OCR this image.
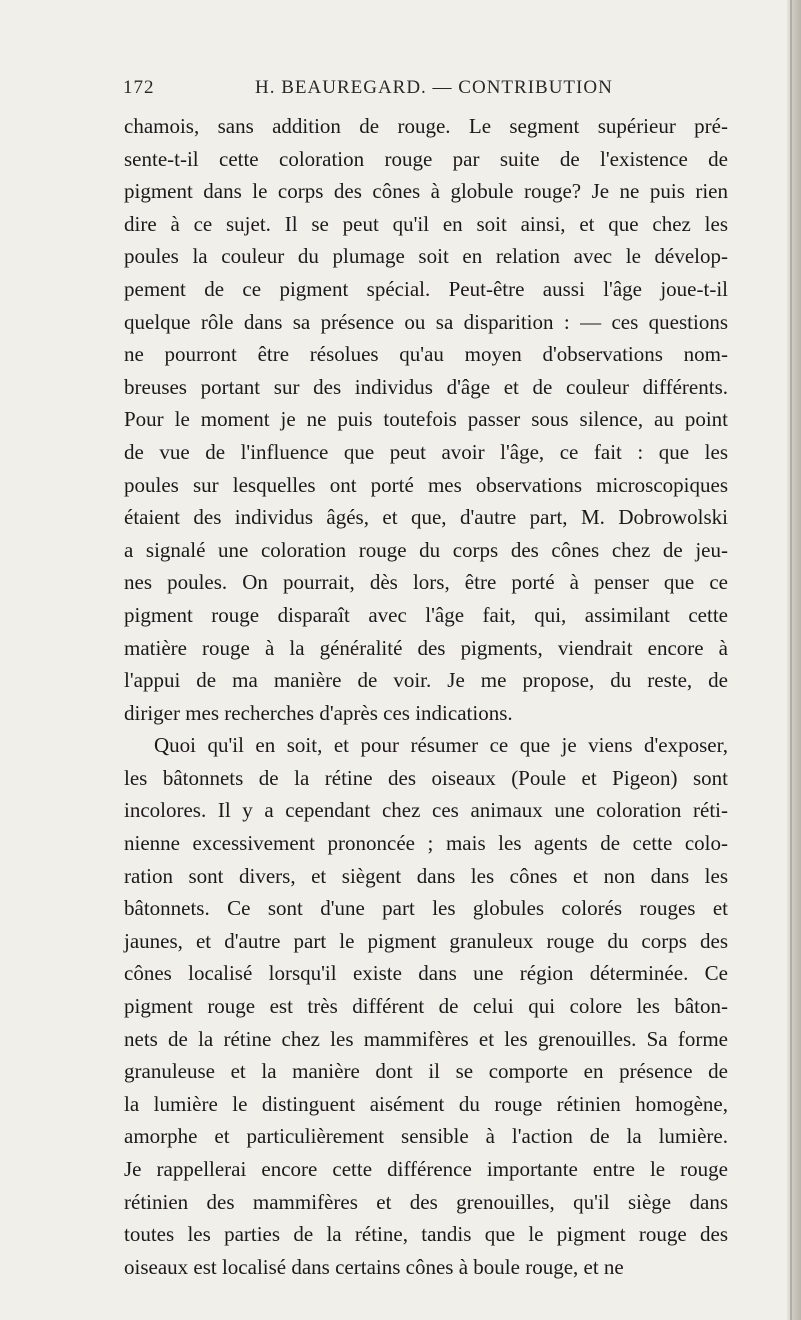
172	H. BEAUREGARD. — CONTRIBUTION
chamois, sans addition de rouge. Le segment supérieur pré-
sente-t-il cette coloration rouge par suite de l'existence de
pigment dans le corps des cônes à globule rouge? Je ne puis rien
dire à ce sujet. Il se peut qu'il en soit ainsi, et que chez les
poules la couleur du plumage soit en relation avec le dévelop-
pement de ce pigment spécial. Peut-être aussi l'âge joue-t-il
quelque rôle dans sa présence ou sa disparition : — ces questions
ne pourront être résolues qu'au moyen d'observations nom-
breuses portant sur des individus d'âge et de couleur différents.
Pour le moment je ne puis toutefois passer sous silence, au point
de vue de l'influence que peut avoir l'âge, ce fait : que les
poules sur lesquelles ont porté mes observations microscopiques
étaient des individus âgés, et que, d'autre part, M. Dobrowolski
a signalé une coloration rouge du corps des cônes chez de jeu-
nes poules. On pourrait, dès lors, être porté à penser que ce
pigment rouge disparaît avec l'âge fait, qui, assimilant cette
matière rouge à la généralité des pigments, viendrait encore à
l'appui de ma manière de voir. Je me propose, du reste, de
diriger mes recherches d'après ces indications.
Quoi qu'il en soit, et pour résumer ce que je viens d'exposer,
les bâtonnets de la rétine des oiseaux (Poule et Pigeon) sont
incolores. Il y a cependant chez ces animaux une coloration réti-
nienne excessivement prononcée ; mais les agents de cette colo-
ration sont divers, et siègent dans les cônes et non dans les
bâtonnets. Ce sont d'une part les globules colorés rouges et
jaunes, et d'autre part le pigment granuleux rouge du corps des
cônes localisé lorsqu'il existe dans une région déterminée. Ce
pigment rouge est très différent de celui qui colore les bâton-
nets de la rétine chez les mammifères et les grenouilles. Sa forme
granuleuse et la manière dont il se comporte en présence de
la lumière le distinguent aisément du rouge rétinien homogène,
amorphe et particulièrement sensible à l'action de la lumière.
Je rappellerai encore cette différence importante entre le rouge
rétinien des mammifères et des grenouilles, qu'il siège dans
toutes les parties de la rétine, tandis que le pigment rouge des
oiseaux est localisé dans certains cônes à boule rouge, et ne
